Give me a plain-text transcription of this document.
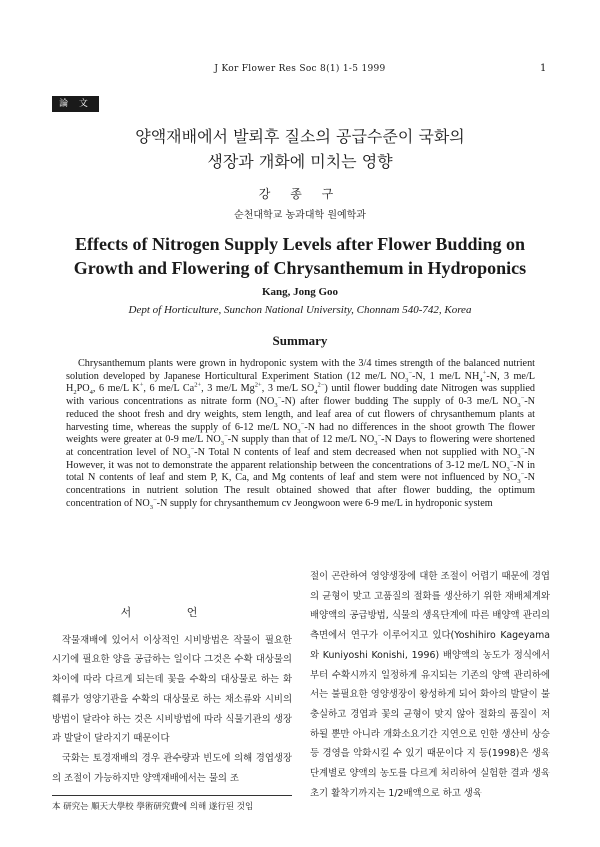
J Kor Flower Res Soc 8(1) 1-5 1999	1
論 文
양액재배에서 발뢰후 질소의 공급수준이 국화의
생장과 개화에 미치는 영향
강 종 구
순천대학교 농과대학 원예학과
Effects of Nitrogen Supply Levels after Flower Budding on
Growth and Flowering of Chrysanthemum in Hydroponics
Kang, Jong Goo
Dept of Horticulture, Sunchon National University, Chonnam 540-742, Korea
Summary
Chrysanthemum plants were grown in hydroponic system with the 3/4 times strength of the balanced nutrient solution developed by Japanese Horticultural Experiment Station (12 me/L $NO_3^--N$, 1 me/L $NH_4^+-N$, 3 me/L $H_2PO_4$, 6 me/L K+, 6 me/L $Ca^{2+}$, 3 me/L $Mg^{2+}$, 3 me/L $SO_4^{2-}$) until flower budding date Nitrogen was supplied with various concentrations as nitrate form $(NO_3^--N)$ after flower budding The supply of 0-3 me/L $NO_3^--N$ reduced the shoot fresh and dry weights, stem length, and leaf area of cut flowers of chrysanthemum plants at harvesting time, whereas the supply of 6-12 me/L $NO_3^--N$ had no differences in the shoot growth The flower weights were greater at 0-9 me/L $NO_3^--N$ supply than that of 12 me/L $NO_3^--N$ Days to flowering were shortened at concentration level of $NO_3^--N$ Total N contents of leaf and stem decreased when not supplied with $NO_3^--N$ However, it was not to demonstrate the apparent relationship between the concentrations of 3-12 me/L $NO_3^--N$ in total N contents of leaf and stem P, K, Ca, and Mg contents of leaf and stem were not influenced by $NO_3^--N$ concentrations in nutrient solution The result obtained showed that after flower budding, the optimum concentration of $NO_3^--N$ supply for chrysanthemum cv Jeongwoon were 6-9 me/L in hydroponic system
서 언

작물재배에 있어서 이상적인 시비방법은 작물이 필요한 시기에 필요한 양을 공급하는 일이다 그것은 수확 대상물의 차이에 따라 다르게 되는데 꽃을 수확의 대상물로 하는 화훼류가 영양기관을 수확의 대상물로 하는 채소류와 시비의 방법이 달라야 하는 것은 시비방법에 따라 식물기관의 생장과 발달이 달라지기 때문이다

국화는 토경재배의 경우 관수량과 빈도에 의해 경엽생장의 조절이 가능하지만 양액재배에서는 물의 조

절이 곤란하여 영양생장에 대한 조절이 어렵기 때문에 경엽의 균형이 맞고 고품질의 절화를 생산하기 위한 재배체계와 배양액의 공급방법, 식물의 생육단계에 따른 배양액 관리의 측면에서 연구가 이루어지고 있다(Yoshihiro Kageyama와 Kuniyoshi Konishi, 1996) 배양액의 농도가 정식에서부터 수확시까지 일정하게 유지되는 기존의 양액 관리하에서는 불필요한 영양생장이 왕성하게 되어 화아의 발달이 불충실하고 경엽과 꽃의 균형이 맞지 않아 절화의 품질이 저하될 뿐만 아니라 개화소요기간 지연으로 인한 생산비 상승등 경영을 악화시킬 수 있기 때문이다 지 등(1998)은 생육단계별로 양액의 농도를 다르게 처리하여 실험한 결과 생육초기 활착기까지는 1/2배액으로 하고 생육

本 研究는 順天大學校 學術研究費에 의해 遂行된 것임
